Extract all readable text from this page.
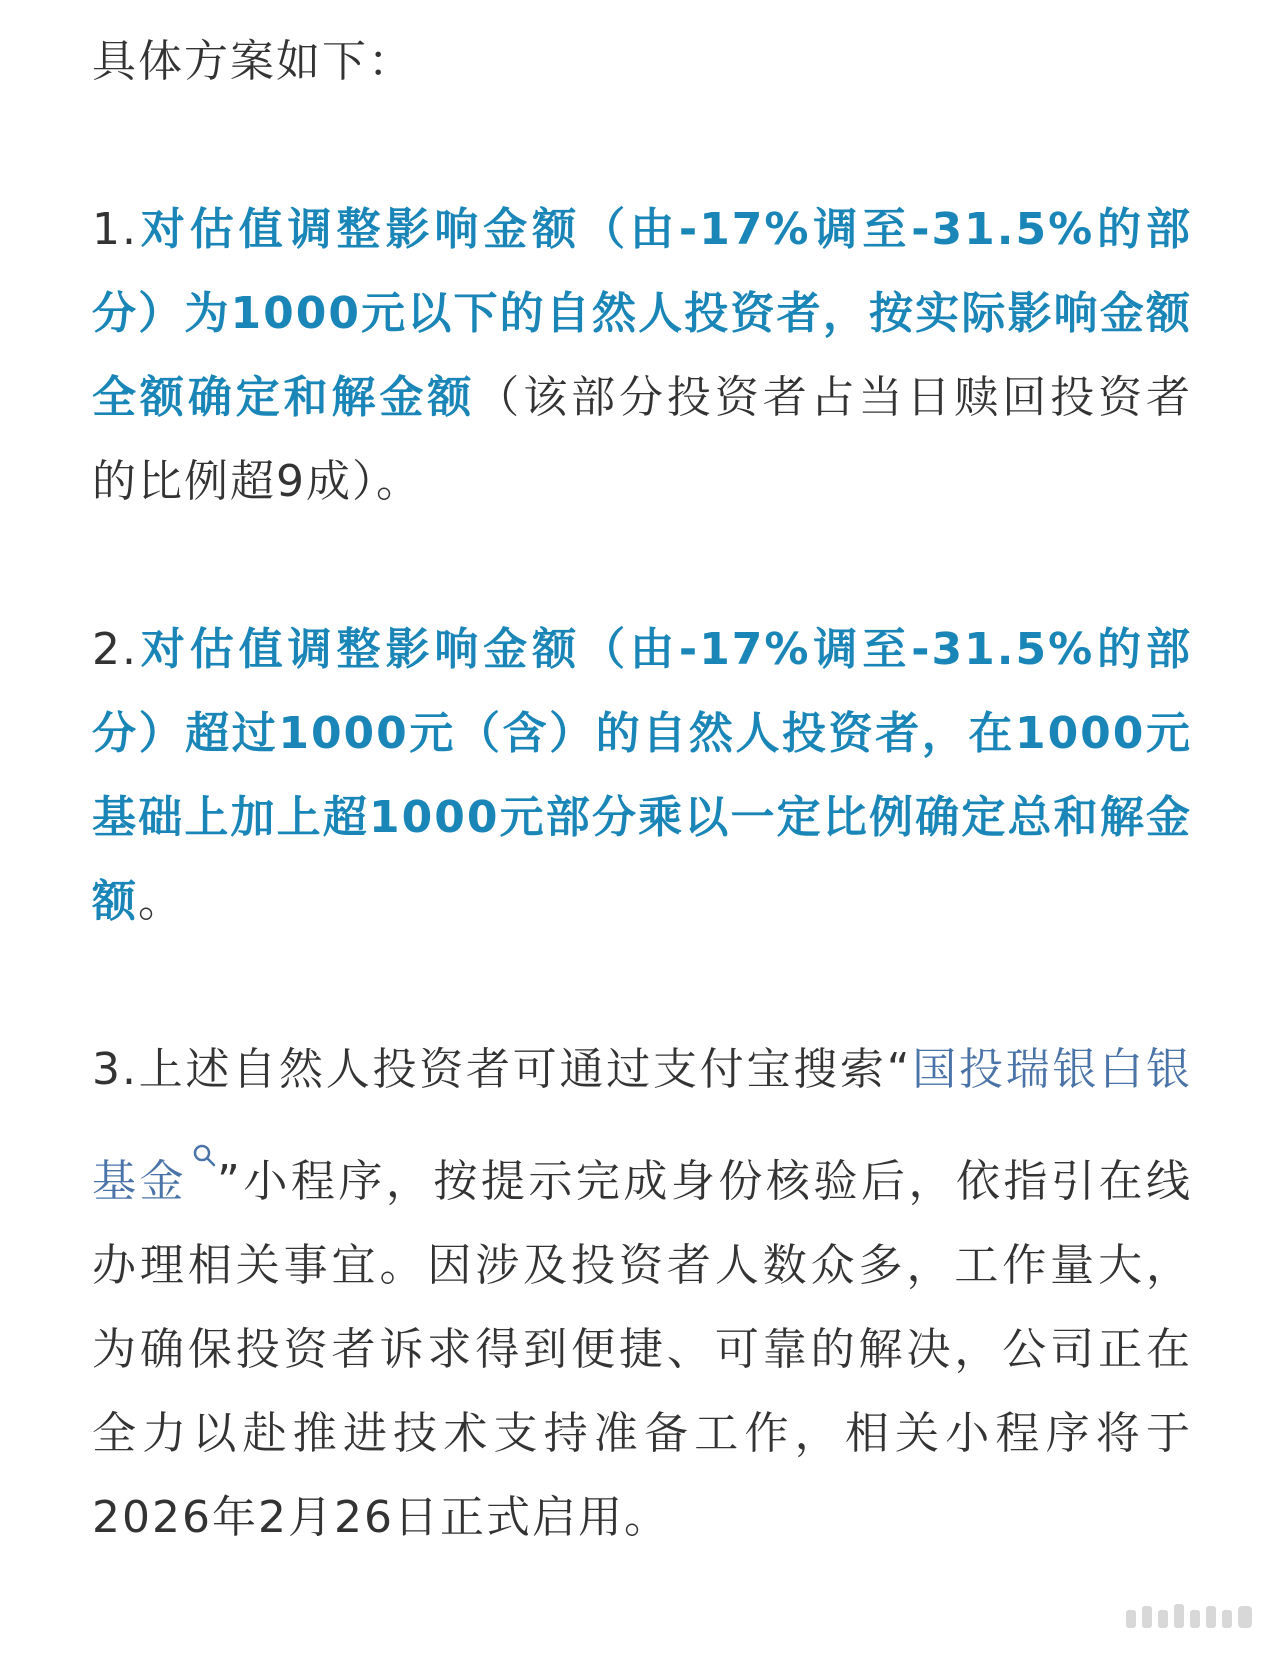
具体方案如下：

1.对估值调整影响金额（由-17%调至-31.5%的部分）为1000元以下的自然人投资者，按实际影响金额全额确定和解金额（该部分投资者占当日赎回投资者的比例超9成）。

2.对估值调整影响金额（由-17%调至-31.5%的部分）超过1000元（含）的自然人投资者，在1000元基础上加上超1000元部分乘以一定比例确定总和解金额。

3.上述自然人投资者可通过支付宝搜索“国投瑞银白银基金 ”小程序，按提示完成身份核验后，依指引在线办理相关事宜。因涉及投资者人数众多，工作量大，为确保投资者诉求得到便捷、可靠的解决，公司正在全力以赴推进技术支持准备工作，相关小程序将于2026年2月26日正式启用。
